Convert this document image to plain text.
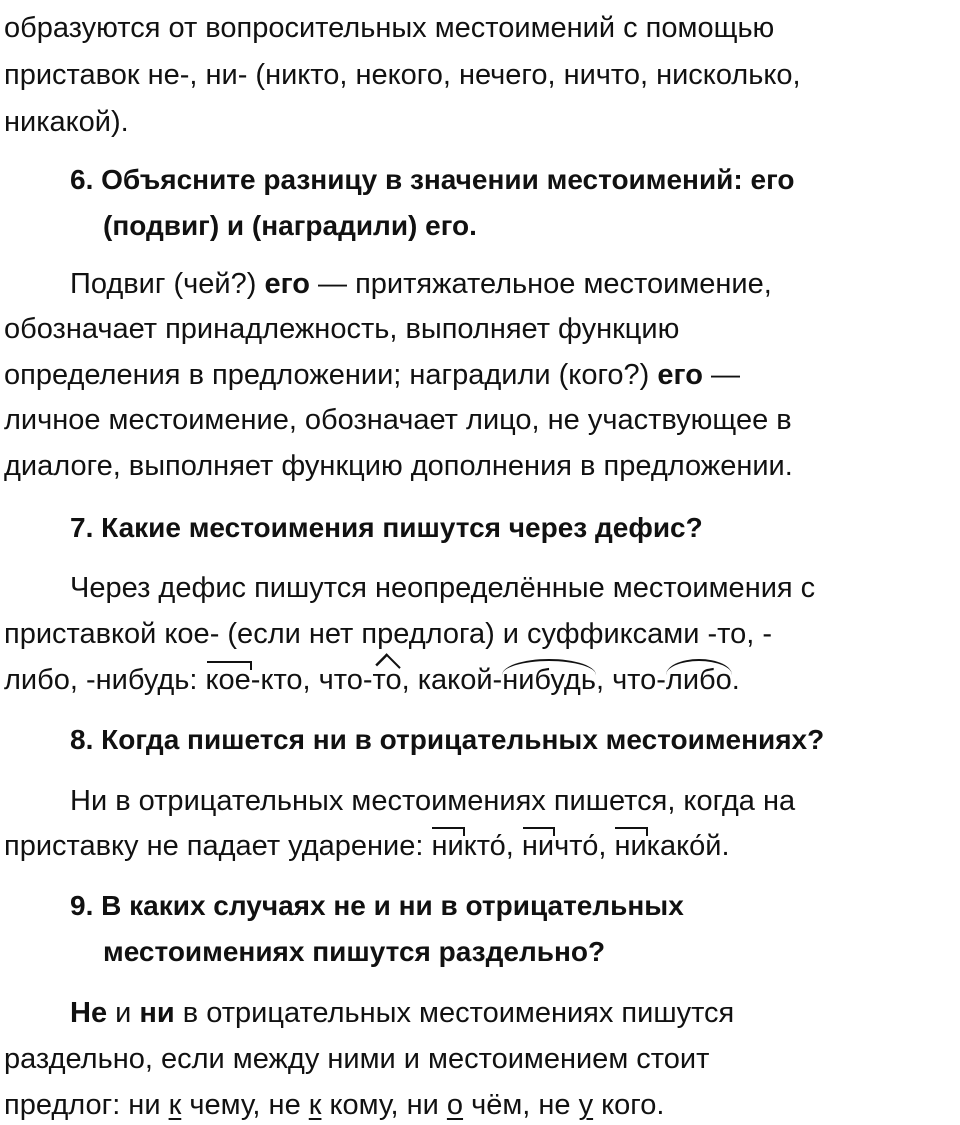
образуются от вопросительных местоимений с помощью
приставок не-, ни- (никто, некого, нечего, ничто, нисколько,
никакой).
6. Объясните разницу в значении местоимений: его
(подвиг) и (наградили) его.
Подвиг (чей?) его — притяжательное местоимение,
обозначает принадлежность, выполняет функцию
определения в предложении; наградили (кого?) его —
личное местоимение, обозначает лицо, не участвующее в
диалоге, выполняет функцию дополнения в предложении.
7. Какие местоимения пишутся через дефис?
Через дефис пишутся неопределённые местоимения с
приставкой кое- (если нет предлога) и суффиксами -то, -
либо, -нибудь: кое-кто, что-то, какой-нибудь, что-либо.
8. Когда пишется ни в отрицательных местоимениях?
Ни в отрицательных местоимениях пишется, когда на
приставку не падает ударение: никто́, ничто́, никако́й.
9. В каких случаях не и ни в отрицательных
местоимениях пишутся раздельно?
Не и ни в отрицательных местоимениях пишутся
раздельно, если между ними и местоимением стоит
предлог: ни к чему, не к кому, ни о чём, не у кого.
